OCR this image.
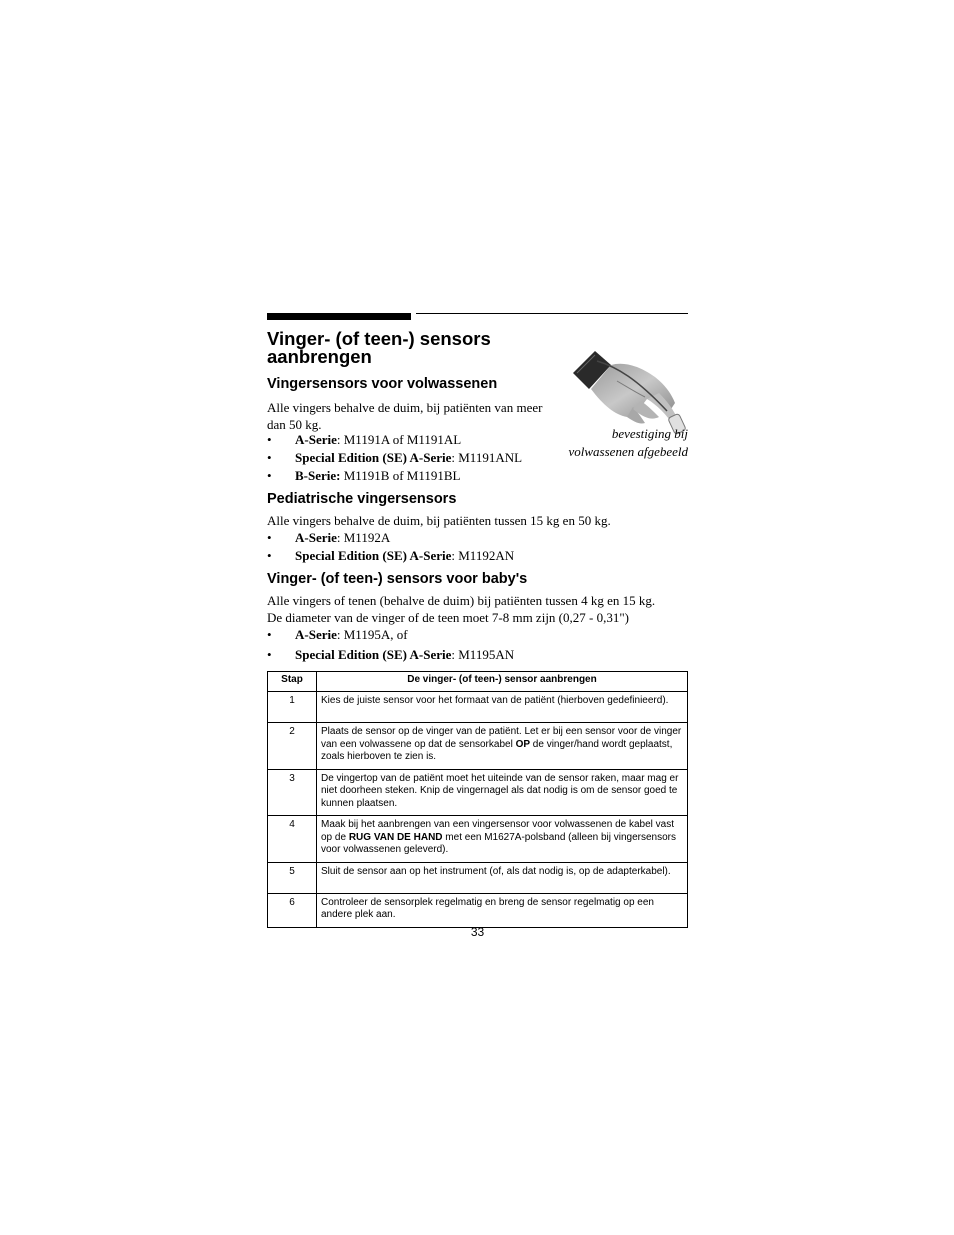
Vinger- (of teen-) sensors aanbrengen
bevestiging bij
volwassenen afgebeeld
Vingersensors voor volwassenen

Alle vingers behalve de duim, bij patiënten van meer dan 50 kg.

• A-Serie: M1191A of M1191AL
• Special Edition (SE) A-Serie: M1191ANL
• B-Serie: M1191B of M1191BL
Pediatrische vingersensors

Alle vingers behalve de duim, bij patiënten tussen 15 kg en 50 kg.

• A-Serie: M1192A
• Special Edition (SE) A-Serie: M1192AN
Vinger- (of teen-) sensors voor baby's

Alle vingers of tenen (behalve de duim) bij patiënten tussen 4 kg en 15 kg.

De diameter van de vinger of de teen moet 7-8 mm zijn (0,27 - 0,31")

• A-Serie: M1195A, of
• Special Edition (SE) A-Serie: M1195AN
Stap	De vinger- (of teen-) sensor aanbrengen
1	Kies de juiste sensor voor het formaat van de patiënt (hierboven gedefinieerd).
2	Plaats de sensor op de vinger van de patiënt. Let er bij een sensor voor de vinger van een volwassene op dat de sensorkabel OP de vinger/hand wordt geplaatst, zoals hierboven te zien is.
3	De vingertop van de patiënt moet het uiteinde van de sensor raken, maar mag er niet doorheen steken. Knip de vingernagel als dat nodig is om de sensor goed te kunnen plaatsen.
4	Maak bij het aanbrengen van een vingersensor voor volwassenen de kabel vast op de RUG VAN DE HAND met een M1627A-polsband (alleen bij vingersensors voor volwassenen geleverd).
5	Sluit de sensor aan op het instrument (of, als dat nodig is, op de adapterkabel).
6	Controleer de sensorplek regelmatig en breng de sensor regelmatig op een andere plek aan.
33
